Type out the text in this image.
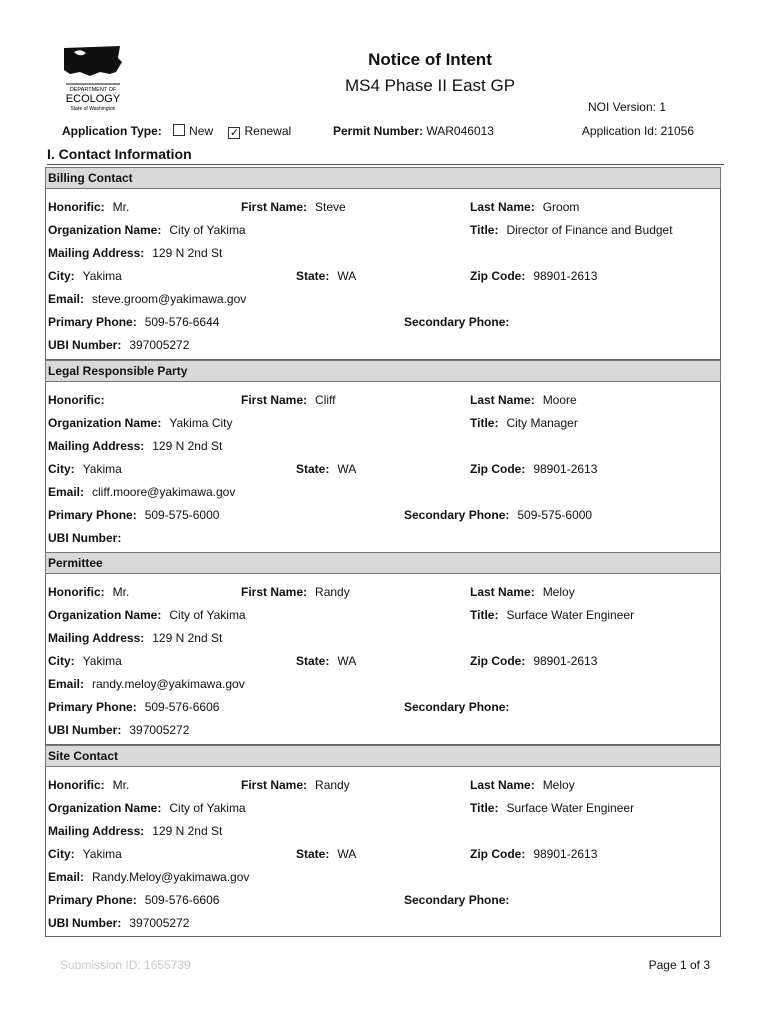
DEPARTMENT OF
ECOLOGY
State of Washington
Notice of Intent
MS4 Phase II East GP
NOI Version: 1
Application Type: New ✓ Renewal	Permit Number: WAR046013	Application Id: 21056
I. Contact Information
Billing Contact
Honorific: Mr.	First Name: Steve	Last Name: Groom
Organization Name: City of Yakima	Title: Director of Finance and Budget
Mailing Address: 129 N 2nd St
City: Yakima	State: WA	Zip Code: 98901-2613
Email: steve.groom@yakimawa.gov
Primary Phone: 509-576-6644	Secondary Phone:
UBI Number: 397005272
Legal Responsible Party
Honorific:	First Name: Cliff	Last Name: Moore
Organization Name: Yakima City	Title: City Manager
Mailing Address: 129 N 2nd St
City: Yakima	State: WA	Zip Code: 98901-2613
Email: cliff.moore@yakimawa.gov
Primary Phone: 509-575-6000	Secondary Phone: 509-575-6000
UBI Number:
Permittee
Honorific: Mr.	First Name: Randy	Last Name: Meloy
Organization Name: City of Yakima	Title: Surface Water Engineer
Mailing Address: 129 N 2nd St
City: Yakima	State: WA	Zip Code: 98901-2613
Email: randy.meloy@yakimawa.gov
Primary Phone: 509-576-6606	Secondary Phone:
UBI Number: 397005272
Site Contact
Honorific: Mr.	First Name: Randy	Last Name: Meloy
Organization Name: City of Yakima	Title: Surface Water Engineer
Mailing Address: 129 N 2nd St
City: Yakima	State: WA	Zip Code: 98901-2613
Email: Randy.Meloy@yakimawa.gov
Primary Phone: 509-576-6606	Secondary Phone:
UBI Number: 397005272
Submission ID: 1655739	Page 1 of 3
